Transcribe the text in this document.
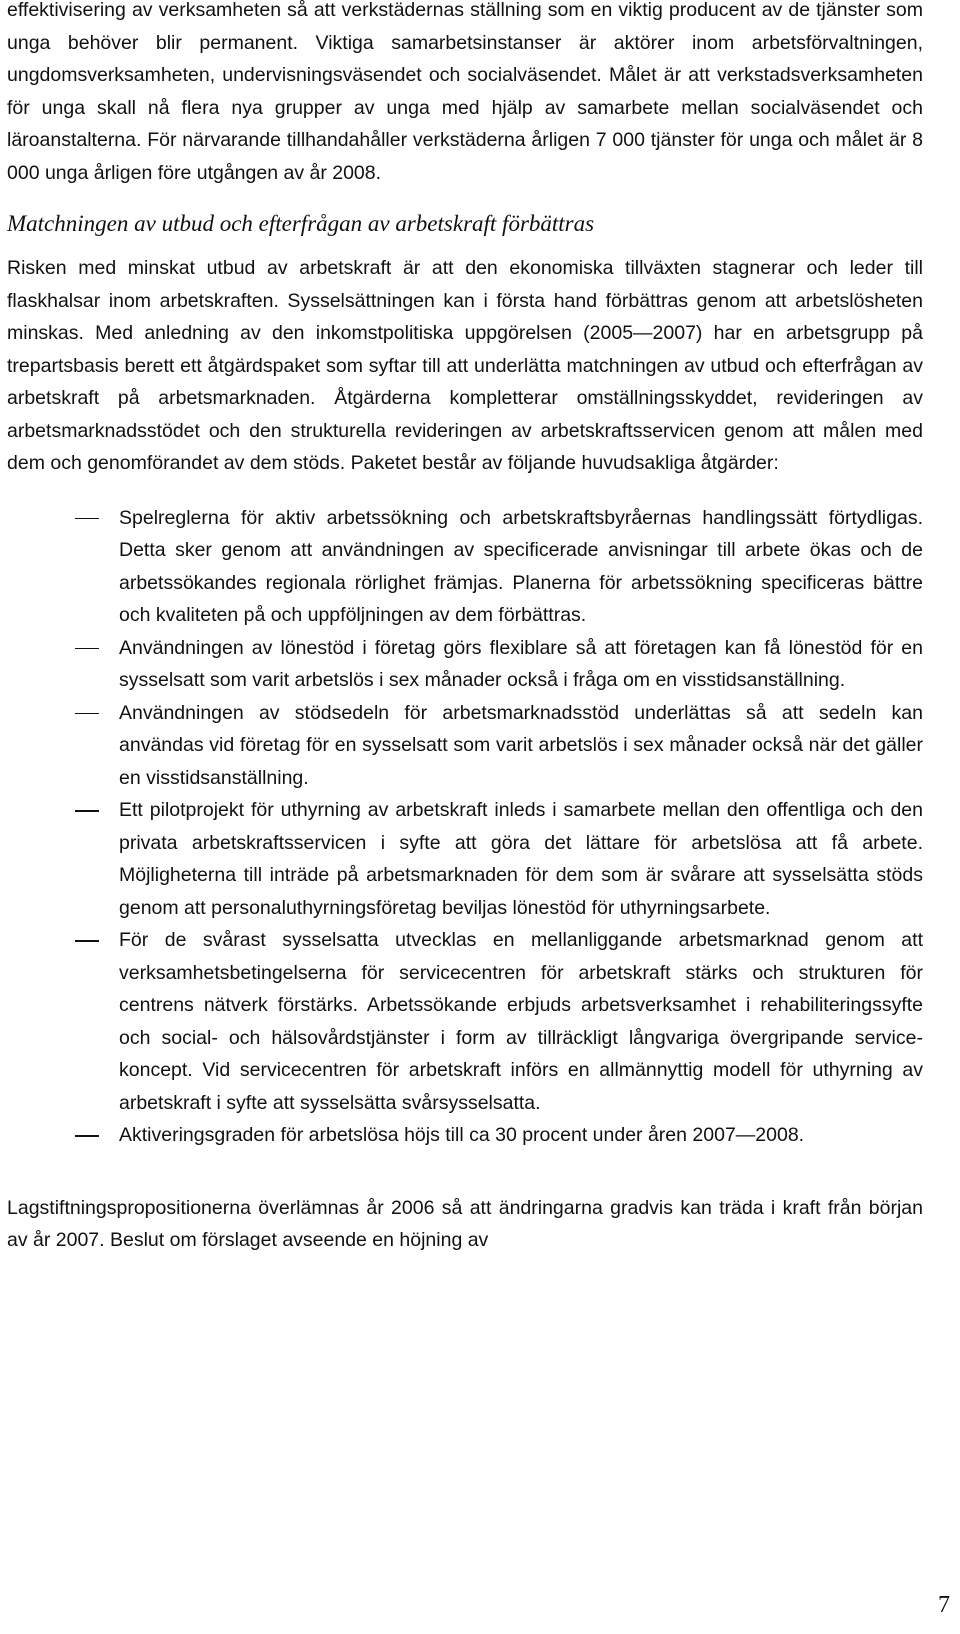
effektivisering av verksamheten så att verkstädernas ställning som en viktig producent av de tjänster som unga behöver blir permanent. Viktiga samarbetsinstanser är aktörer inom arbetsförvaltningen, ungdomsverksamheten, undervisningsväsendet och socialväsendet. Målet är att verkstadsverksamheten för unga skall nå flera nya grupper av unga med hjälp av samarbete mellan socialväsendet och läroanstalterna. För närvarande tillhandahåller verkstäderna årligen 7 000 tjänster för unga och målet är 8 000 unga årligen före utgången av år 2008.

Matchningen av utbud och efterfrågan av arbetskraft förbättras

Risken med minskat utbud av arbetskraft är att den ekonomiska tillväxten stagnerar och leder till flaskhalsar inom arbetskraften. Sysselsättningen kan i första hand förbättras genom att arbetslösheten minskas. Med anledning av den inkomstpolitiska uppgörelsen (2005—2007) har en arbetsgrupp på trepartsbasis berett ett åtgärdspaket som syftar till att underlätta matchningen av utbud och efterfrågan av arbetskraft på arbetsmarknaden. Åtgärderna kompletterar omställningsskyddet, revideringen av arbetsmarknadsstödet och den strukturella revideringen av arbetskraftsservicen genom att målen med dem och genomförandet av dem stöds. Paketet består av följande huvudsakliga åtgärder:

Spelreglerna för aktiv arbetssökning och arbetskraftsbyråernas handlingssätt förtydligas. Detta sker genom att användningen av specificerade anvisningar till arbete ökas och de arbetssökandes regionala rörlighet främjas. Planerna för arbetssökning specificeras bättre och kvaliteten på och uppföljningen av dem förbättras.
Användningen av lönestöd i företag görs flexiblare så att företagen kan få lönestöd för en sysselsatt som varit arbetslös i sex månader också i fråga om en visstidsanställning.
Användningen av stödsedeln för arbetsmarknadsstöd underlättas så att sedeln kan användas vid företag för en sysselsatt som varit arbetslös i sex månader också när det gäller en visstidsanställning.
Ett pilotprojekt för uthyrning av arbetskraft inleds i samarbete mellan den offentliga och den privata arbetskraftsservicen i syfte att göra det lättare för arbetslösa att få arbete. Möjligheterna till inträde på arbetsmarknaden för dem som är svårare att sysselsätta stöds genom att personaluthyrningsföretag beviljas lönestöd för uthyrningsarbete.
För de svårast sysselsatta utvecklas en mellanliggande arbetsmarknad genom att verksamhetsbetingelserna för servicecentren för arbetskraft stärks och strukturen för centrens nätverk förstärks. Arbetssökande erbjuds arbetsverksamhet i rehabiliteringssyfte och social- och hälsovårdstjänster i form av tillräckligt långvariga övergripande servicekoncept. Vid servicecentren för arbetskraft införs en allmännyttig modell för uthyrning av arbetskraft i syfte att sysselsätta svårsysselsatta.
Aktiveringsgraden för arbetslösa höjs till ca 30 procent under åren 2007—2008.

Lagstiftningspropositionerna överlämnas år 2006 så att ändringarna gradvis kan träda i kraft från början av år 2007. Beslut om förslaget avseende en höjning av

7
